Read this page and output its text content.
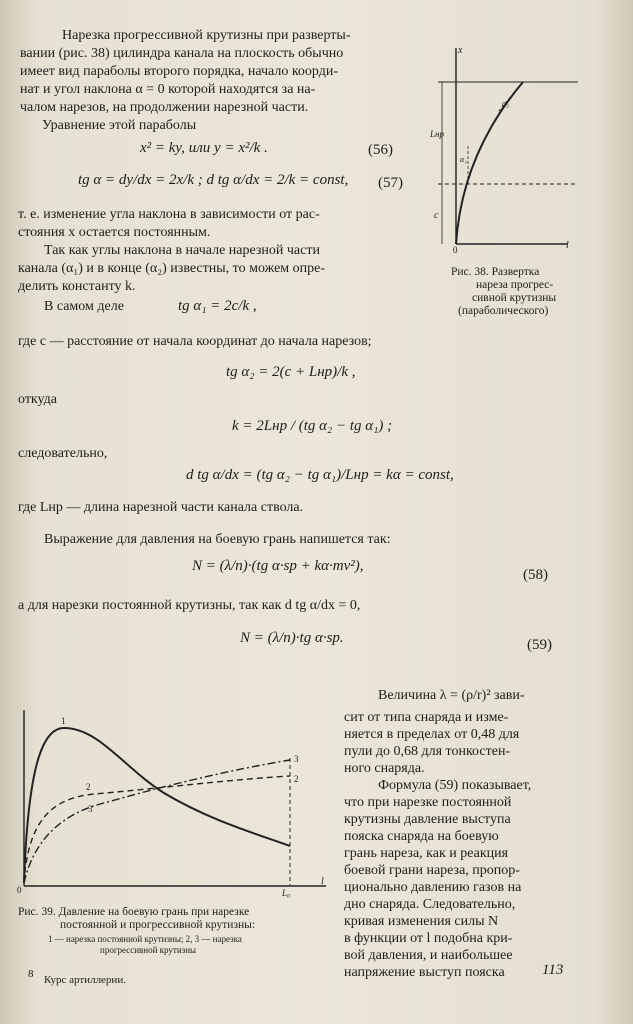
Нарезка прогрессивной крутизны при разверты-
вании (рис. 38) цилиндра канала на плоскость обычно
имеет вид параболы второго порядка, начало коорди-
нат и угол наклона α = 0 которой находятся за на-
чалом нарезов, на продолжении нарезной части.
Уравнение этой параболы
x² = ky, или y = x²/k .	(56)
tg α = dy/dx = 2x/k ; d tg α/dx = 2/k = const, (57)
т. е. изменение угла наклона в зависимости от рас-
стояния x остается постоянным.
Так как углы наклона в начале нарезной части
канала (α₁) и в конце (α₂) известны, то можем опре-
делить константу k.
В самом деле
x
l
0
Lнр
c
α₁
α₂
Рис. 38. Развертка
нареза прогрес-
сивной крутизны
(параболического)
tg α₁ = 2c/k ,
где c — расстояние от начала координат до начала нарезов;
tg α₂ = 2(c + Lнр)/k ,
откуда
k = 2Lнр / (tg α₂ − tg α₁) ;
следовательно,
d tg α/dx = (tg α₂ − tg α₁)/Lнр = kα = const,
где Lнр — длина нарезной части канала ствола.
Выражение для давления на боевую грань напишется так:
N = (λ/n)·(tg α·sp + kα·mv²),
(58)
а для нарезки постоянной крутизны, так как d tg α/dx = 0,
N = (λ/n)·tg α·sp.	(59)
0
l
L₀
1
2
3
2
3
Рис. 39. Давление на боевую грань при нарезке
постоянной и прогрессивной крутизны:
1 — нарезка постоянной крутизны; 2, 3 — нарезка
прогрессивной крутизны
Величина λ = (ρ/r)² зави-
сит от типа снаряда и изме-
няется в пределах от 0,48 для
пули до 0,68 для тонкостен-
ного снаряда.
Формула (59) показывает,
что при нарезке постоянной
крутизны давление выступа
пояска снаряда на боевую
грань нареза, как и реакция
боевой грани нареза, пропор-
ционально давлению газов на
дно снаряда. Следовательно,
кривая изменения силы N
в функции от l подобна кри-
вой давления, и наибольшее
напряжение выступ пояска
8 Курс артиллерии.
113
